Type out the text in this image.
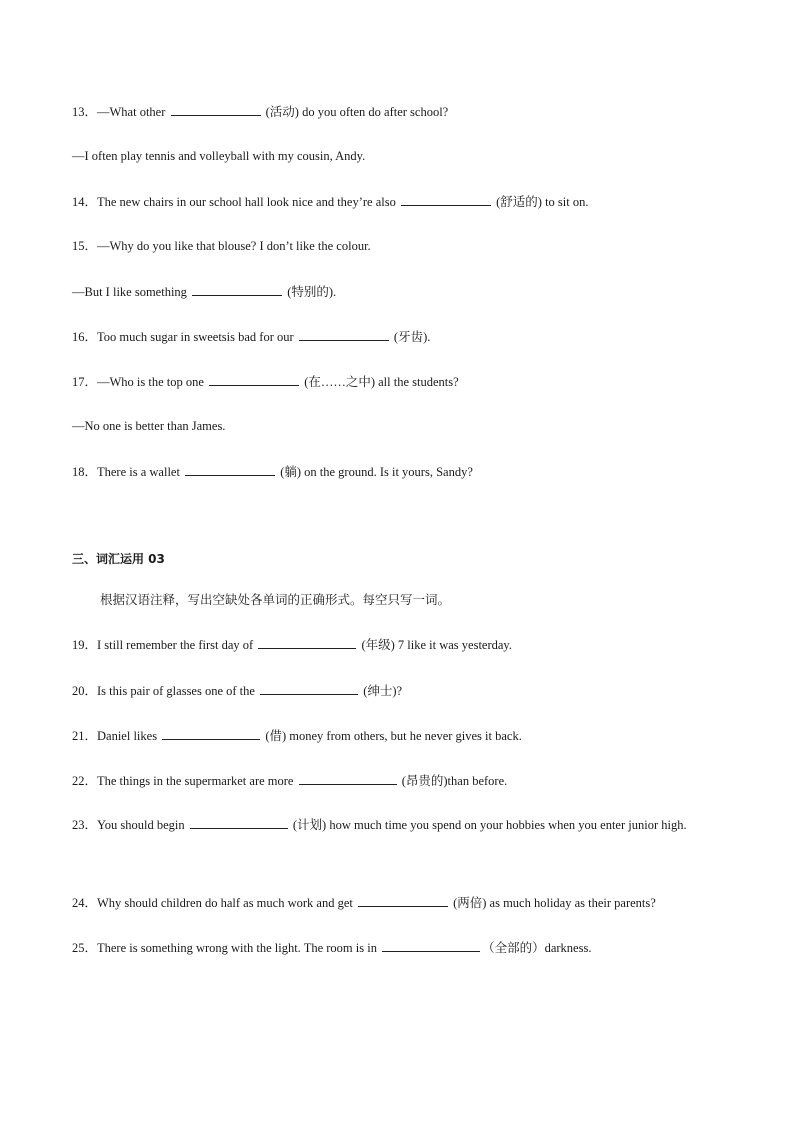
13．—What other	(活动) do you often do after school?
—I often play tennis and volleyball with my cousin, Andy.
14．The new chairs in our school hall look nice and they’re also	(舒适的) to sit on.
15．—Why do you like that blouse? I don’t like the colour.
—But I like something	(特别的).
16．Too much sugar in sweetsis bad for our	(牙齿).
17．—Who is the top one	(在……之中) all the students?
—No one is better than James.
18．There is a wallet	(躺) on the ground. Is it yours, Sandy?
三、词汇运用 03
根据汉语注释，写出空缺处各单词的正确形式。每空只写一词。
19．I still remember the first day of	(年级) 7 like it was yesterday.
20．Is this pair of glasses one of the	(绅士)?
21．Daniel likes	(借) money from others, but he never gives it back.
22．The things in the supermarket are more	(昂贵的)than before.
23．You should begin	(计划) how much time you spend on your hobbies when you enter junior high.
24．Why should children do half as much work and get	(两倍) as much holiday as their parents?
25．There is something wrong with the light. The room is in	（全部的）darkness.
